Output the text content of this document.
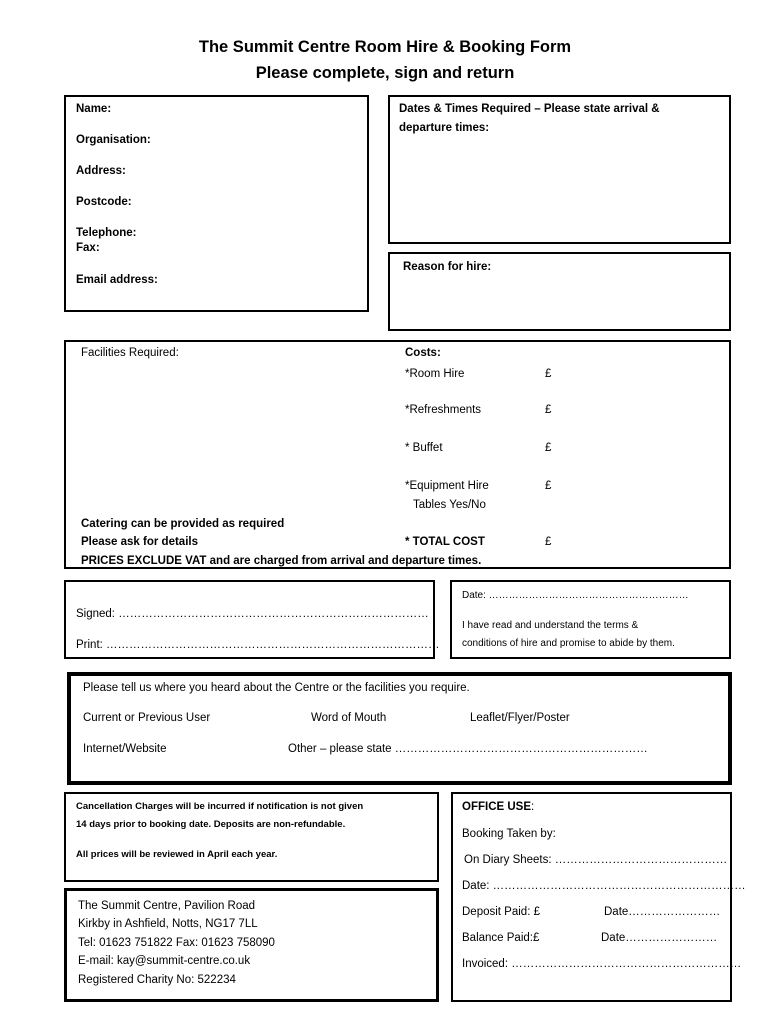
The Summit Centre Room Hire & Booking Form
Please complete, sign and return
Name:
Organisation:
Address:
Postcode:
Telephone:
Fax:
Email address:
Dates & Times Required – Please state arrival &
departure times:
Reason for hire:
Facilities Required:	Costs:
*Room Hire	£
*Refreshments	£
* Buffet	£
*Equipment Hire	£
Tables Yes/No
Catering can be provided as required
Please ask for details	* TOTAL COST	£
PRICES EXCLUDE VAT and are charged from arrival and departure times.
Signed: ………………………………………………………………………
Print: ……………………………………………………………………………
Date: ……………………………………………………
I have read and understand the terms &
conditions of hire and promise to abide by them.
Please tell us where you heard about the Centre or the facilities you require.
Current or Previous User	Word of Mouth	Leaflet/Flyer/Poster
Internet/Website	Other – please state …………………………………………………………
Cancellation Charges will be incurred if notification is not given
14 days prior to booking date. Deposits are non-refundable.
All prices will be reviewed in April each year.
The Summit Centre, Pavilion Road
Kirkby in Ashfield, Notts, NG17 7LL
Tel: 01623 751822 Fax: 01623 758090
E-mail: kay@summit-centre.co.uk
Registered Charity No: 522234
OFFICE USE:
Booking Taken by:
On Diary Sheets: ………………………………………
Date: …………………………………………………………
Deposit Paid: £	Date……………………
Balance Paid:£	Date……………………
Invoiced: ……………………………………………………
